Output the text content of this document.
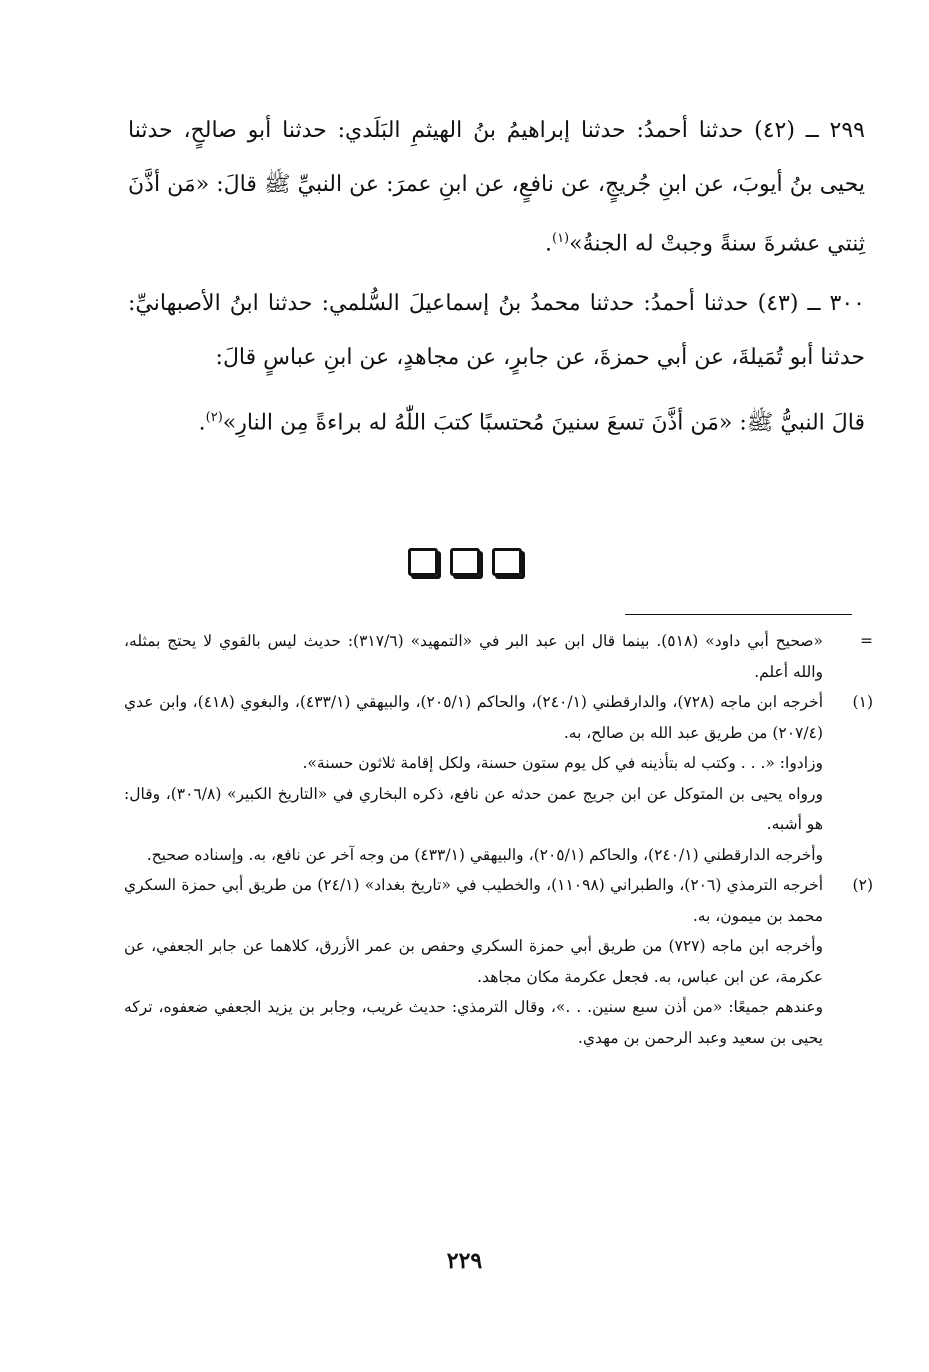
٢٩٩ ــ (٤٢) حدثنا أحمدُ: حدثنا إبراهيمُ بنُ الهيثمِ البَلَدي: حدثنا أبو صالحٍ، حدثنا يحيى بنُ أيوبَ، عن ابنِ جُريجٍ، عن نافعٍ، عن ابنِ عمرَ: عن النبيِّ ﷺ قالَ: «مَن أذَّنَ ثِنتي عشرةَ سنةً وجبتْ له الجنةُ»$^{(١)}$.

٣٠٠ ــ (٤٣) حدثنا أحمدُ: حدثنا محمدُ بنُ إسماعيلَ السُّلمي: حدثنا ابنُ الأصبهانيِّ: حدثنا أبو تُمَيلةَ، عن أبي حمزةَ، عن جابرٍ، عن مجاهدٍ، عن ابنِ عباسٍ قالَ:

قالَ النبيُّ ﷺ: «مَن أذَّنَ تسعَ سنينَ مُحتسبًا كتبَ اللّٰهُ له براءةً مِن النارِ»$^{(٢)}$.

=

«صحيح أبي داود» (٥١٨). بينما قال ابن عبد البر في «التمهيد» (٣١٧/٦): حديث ليس بالقوي لا يحتج بمثله، والله أعلم.

(١)

أخرجه ابن ماجه (٧٢٨)، والدارقطني (٢٤٠/١)، والحاكم (٢٠٥/١)، والبيهقي (٤٣٣/١)، والبغوي (٤١٨)، وابن عدي (٢٠٧/٤) من طريق عبد الله بن صالح، به.

وزادوا: «. . . وكتب له بتأذينه في كل يوم ستون حسنة، ولكل إقامة ثلاثون حسنة».

ورواه يحيى بن المتوكل عن ابن جريج عمن حدثه عن نافع، ذكره البخاري في «التاريخ الكبير» (٣٠٦/٨)، وقال: هو أشبه.

وأخرجه الدارقطني (٢٤٠/١)، والحاكم (٢٠٥/١)، والبيهقي (٤٣٣/١) من وجه آخر عن نافع، به. وإسناده صحيح.

(٢)

أخرجه الترمذي (٢٠٦)، والطبراني (١١٠٩٨)، والخطيب في «تاريخ بغداد» (٢٤/١) من طريق أبي حمزة السكري محمد بن ميمون، به.

وأخرجه ابن ماجه (٧٢٧) من طريق أبي حمزة السكري وحفص بن عمر الأزرق، كلاهما عن جابر الجعفي، عن عكرمة، عن ابن عباس، به. فجعل عكرمة مكان مجاهد.

وعندهم جميعًا: «من أذن سبع سنين. . .»، وقال الترمذي: حديث غريب، وجابر بن يزيد الجعفي ضعفوه، تركه يحيى بن سعيد وعبد الرحمن بن مهدي.

٢٢٩
